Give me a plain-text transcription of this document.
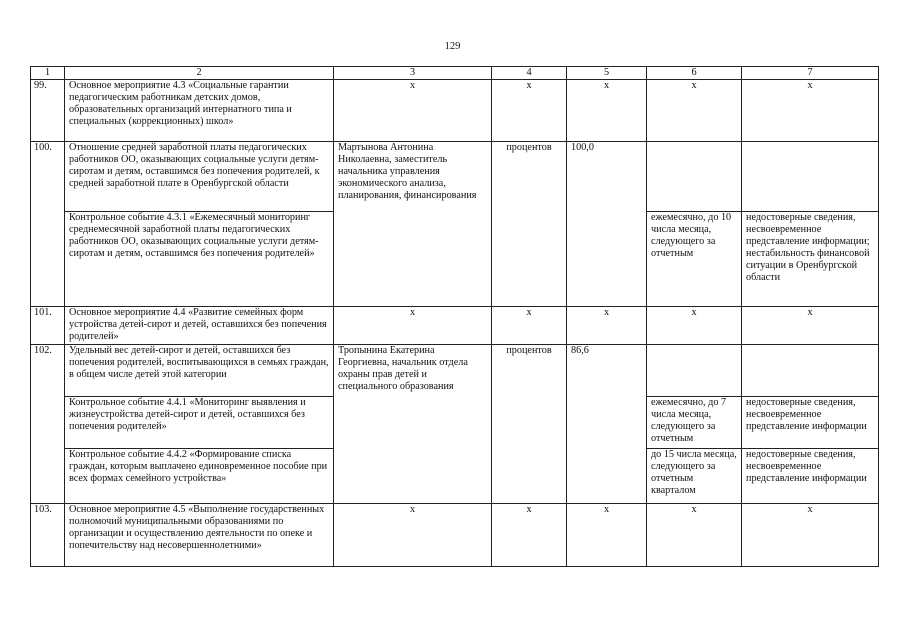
129
1	2	3	4	5	6	7
99.	Основное мероприятие 4.3 «Социальные гарантии педагогическим работникам детских домов, образовательных организаций интернатного типа и специальных (коррекционных) школ»	х	х	х	х	х
100.	Отношение средней заработной платы педагогических работников ОО, оказывающих социальные услуги детям-сиротам и детям, оставшимся без попечения родителей, к средней заработной плате в Оренбургской области	Мартынова Антонина Николаевна, заместитель начальника управления экономического анализа, планирования, финансирования	процентов	100,0		
	Контрольное событие 4.3.1 «Ежемесячный мониторинг среднемесячной заработной платы педагогических работников ОО, оказывающих социальные услуги детям-сиротам и детям, оставшимся без попечения родителей»				ежемесячно, до 10 числа месяца, следующего за отчетным	недостоверные сведения, несвоевременное представление информации; нестабильность финансовой ситуации в Оренбургской области
101.	Основное мероприятие 4.4 «Развитие семейных форм устройства детей-сирот и детей, оставшихся без попечения родителей»	х	х	х	х	х
102.	Удельный вес детей-сирот и детей, оставшихся без попечения родителей, воспитывающихся в семьях граждан, в общем числе детей этой категории	Тропынина Екатерина Георгиевна, начальник отдела охраны прав детей и специального образования	процентов	86,6		
	Контрольное событие 4.4.1 «Мониторинг выявления и жизнеустройства детей-сирот и детей, оставшихся без попечения родителей»				ежемесячно, до 7 числа месяца, следующего за отчетным	недостоверные сведения, несвоевременное представление информации
	Контрольное событие 4.4.2 «Формирование списка граждан, которым выплачено единовременное пособие при всех формах семейного устройства»				до 15 числа месяца, следующего за отчетным кварталом	недостоверные сведения, несвоевременное представление информации
103.	Основное мероприятие 4.5 «Выполнение государственных полномочий муниципальными образованиями по организации и осуществлению деятельности по опеке и попечительству над несовершеннолетними»	х	х	х	х	х
